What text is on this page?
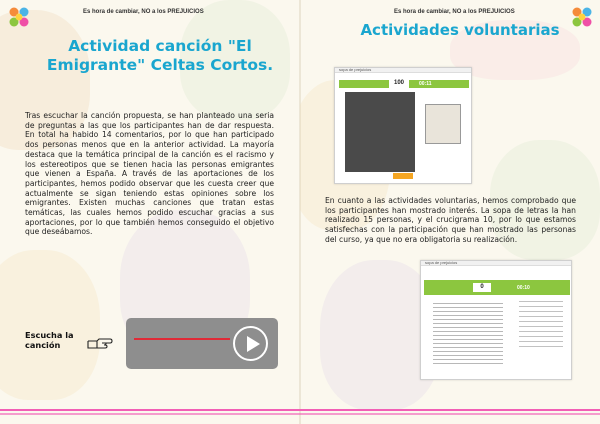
Es hora de cambiar, NO a los PREJUICIOS
Actividad canción "El Emigrante" Celtas Cortos.
Tras escuchar la canción propuesta, se han planteado una seria de preguntas a las que los participantes han de dar respuesta. En total ha habido 14 comentarios, por lo que han participado dos personas menos que en la anterior actividad. La mayoría destaca que la temática principal de la canción es el racismo y los estereotipos que se tienen hacia las personas emigrantes que vienen a España. A través de las aportaciones de los participantes, hemos podido observar que les cuesta creer que actualmente se sigan teniendo estas opiniones sobre los emigrantes. Existen muchas canciones que tratan estas temáticas, las cuales hemos podido escuchar gracias a sus aportaciones, por lo que también hemos conseguido el objetivo que deseábamos.
Escucha la canción
Es hora de cambiar, NO a los PREJUICIOS
Actividades voluntarias
sopa de prejuicios
100	00:11
En cuanto a las actividades voluntarias, hemos comprobado que los participantes han mostrado interés. La sopa de letras la han realizado 15 personas, y el crucigrama 10, por lo que estamos satisfechas con la participación que han mostrado las personas del curso, ya que no era obligatoria su realización.
sopa de prejuicios
0	00:10
